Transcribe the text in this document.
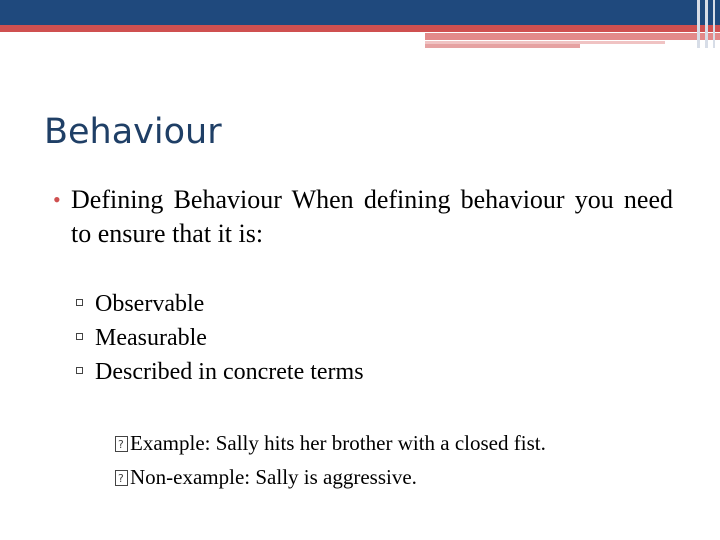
Behaviour
• Defining Behaviour When defining behaviour you need to ensure that it is:
Observable
Measurable
Described in concrete terms
?Example: Sally hits her brother with a closed fist.
?Non-example: Sally is aggressive.
